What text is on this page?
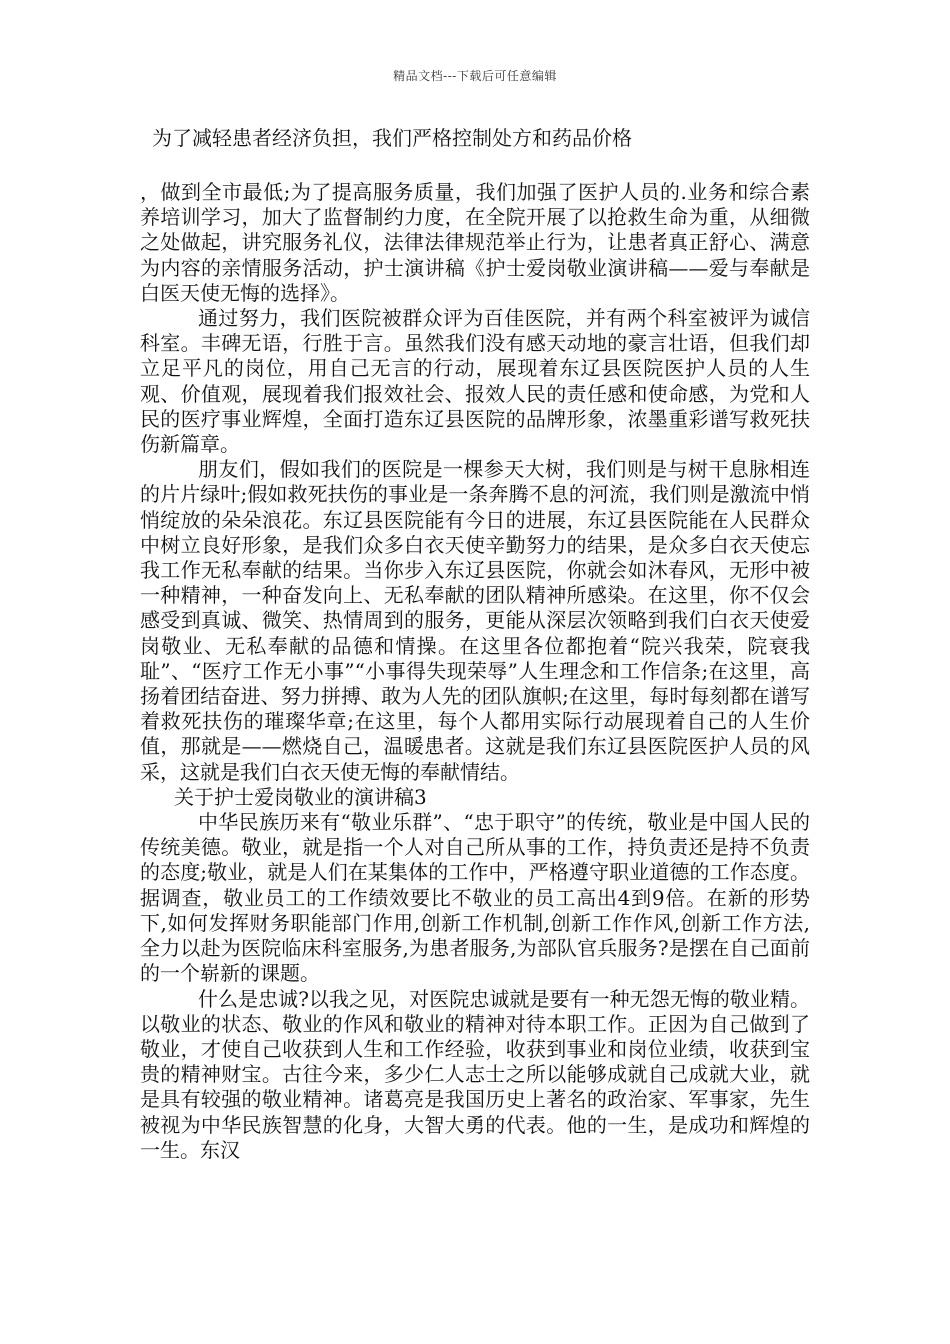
精品文档---下载后可任意编辑
为了减轻患者经济负担，我们严格控制处方和药品价格

，做到全市最低;为了提高服务质量，我们加强了医护人员的.业务和综合素养培训学习，加大了监督制约力度，在全院开展了以抢救生命为重，从细微之处做起，讲究服务礼仪，法律法律规范举止行为，让患者真正舒心、满意为内容的亲情服务活动，护士演讲稿《护士爱岗敬业演讲稿——爱与奉献是白医天使无悔的选择》。

通过努力，我们医院被群众评为百佳医院，并有两个科室被评为诚信科室。丰碑无语，行胜于言。虽然我们没有感天动地的豪言壮语，但我们却立足平凡的岗位，用自己无言的行动，展现着东辽县医院医护人员的人生观、价值观，展现着我们报效社会、报效人民的责任感和使命感，为党和人民的医疗事业辉煌，全面打造东辽县医院的品牌形象，浓墨重彩谱写救死扶伤新篇章。

朋友们，假如我们的医院是一棵参天大树，我们则是与树干息脉相连的片片绿叶;假如救死扶伤的事业是一条奔腾不息的河流，我们则是激流中悄悄绽放的朵朵浪花。东辽县医院能有今日的进展，东辽县医院能在人民群众中树立良好形象，是我们众多白衣天使辛勤努力的结果，是众多白衣天使忘我工作无私奉献的结果。当你步入东辽县医院，你就会如沐春风，无形中被一种精神，一种奋发向上、无私奉献的团队精神所感染。在这里，你不仅会感受到真诚、微笑、热情周到的服务，更能从深层次领略到我们白衣天使爱岗敬业、无私奉献的品德和情操。在这里各位都抱着“院兴我荣，院衰我耻”、“医疗工作无小事”“小事得失现荣辱”人生理念和工作信条;在这里，高扬着团结奋进、努力拼搏、敢为人先的团队旗帜;在这里，每时每刻都在谱写着救死扶伤的璀璨华章;在这里，每个人都用实际行动展现着自己的人生价值，那就是——燃烧自己，温暖患者。这就是我们东辽县医院医护人员的风采，这就是我们白衣天使无悔的奉献情结。

关于护士爱岗敬业的演讲稿3

中华民族历来有“敬业乐群”、“忠于职守”的传统，敬业是中国人民的传统美德。敬业，就是指一个人对自己所从事的工作，持负责还是持不负责的态度;敬业，就是人们在某集体的工作中，严格遵守职业道德的工作态度。据调查，敬业员工的工作绩效要比不敬业的员工高出4到9倍。在新的形势下,如何发挥财务职能部门作用,创新工作机制,创新工作作风,创新工作方法,全力以赴为医院临床科室服务,为患者服务,为部队官兵服务?是摆在自己面前的一个崭新的课题。

什么是忠诚?以我之见，对医院忠诚就是要有一种无怨无悔的敬业精。以敬业的状态、敬业的作风和敬业的精神对待本职工作。正因为自己做到了敬业，才使自己收获到人生和工作经验，收获到事业和岗位业绩，收获到宝贵的精神财宝。古往今来，多少仁人志士之所以能够成就自己成就大业，就是具有较强的敬业精神。诸葛亮是我国历史上著名的政治家、军事家，先生被视为中华民族智慧的化身，大智大勇的代表。他的一生，是成功和辉煌的一生。东汉
